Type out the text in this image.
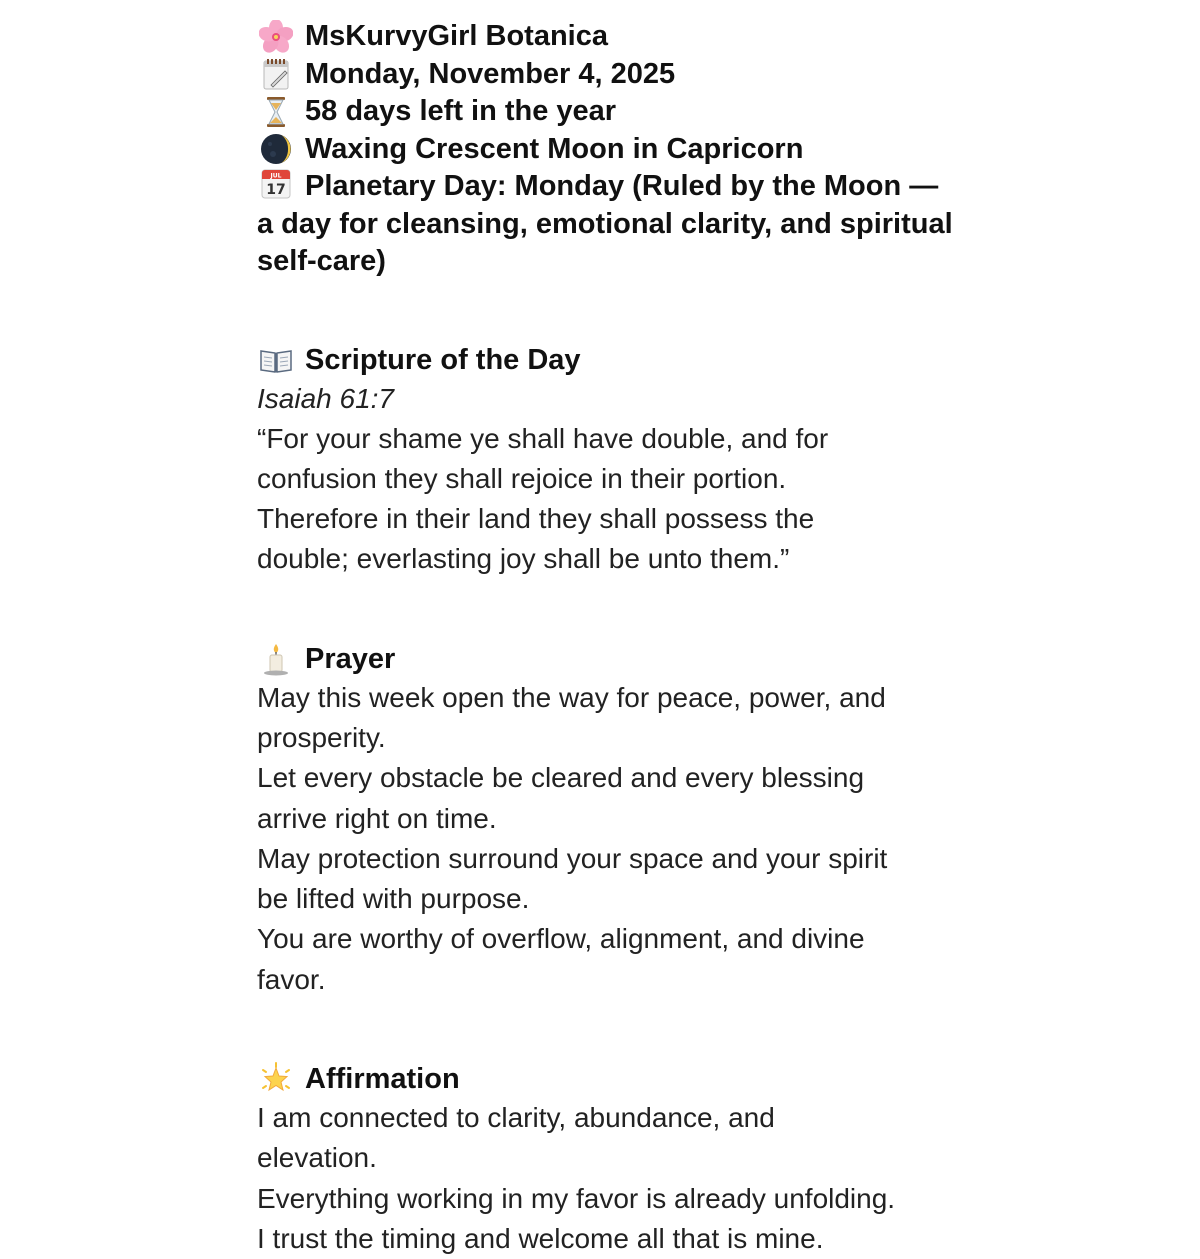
MsKurvyGirl Botanica
Monday, November 4, 2025
58 days left in the year
Waxing Crescent Moon in Capricorn
JUL
17 Planetary Day: Monday (Ruled by the Moon — a day for cleansing, emotional clarity, and spiritual self-care)
Scripture of the Day
Isaiah 61:7
“For your shame ye shall have double, and for
confusion they shall rejoice in their portion.
Therefore in their land they shall possess the
double; everlasting joy shall be unto them.”
Prayer
May this week open the way for peace, power, and
prosperity.
Let every obstacle be cleared and every blessing
arrive right on time.
May protection surround your space and your spirit
be lifted with purpose.
You are worthy of overflow, alignment, and divine
favor.
Affirmation
I am connected to clarity, abundance, and
elevation.
Everything working in my favor is already unfolding.
I trust the timing and welcome all that is mine.
